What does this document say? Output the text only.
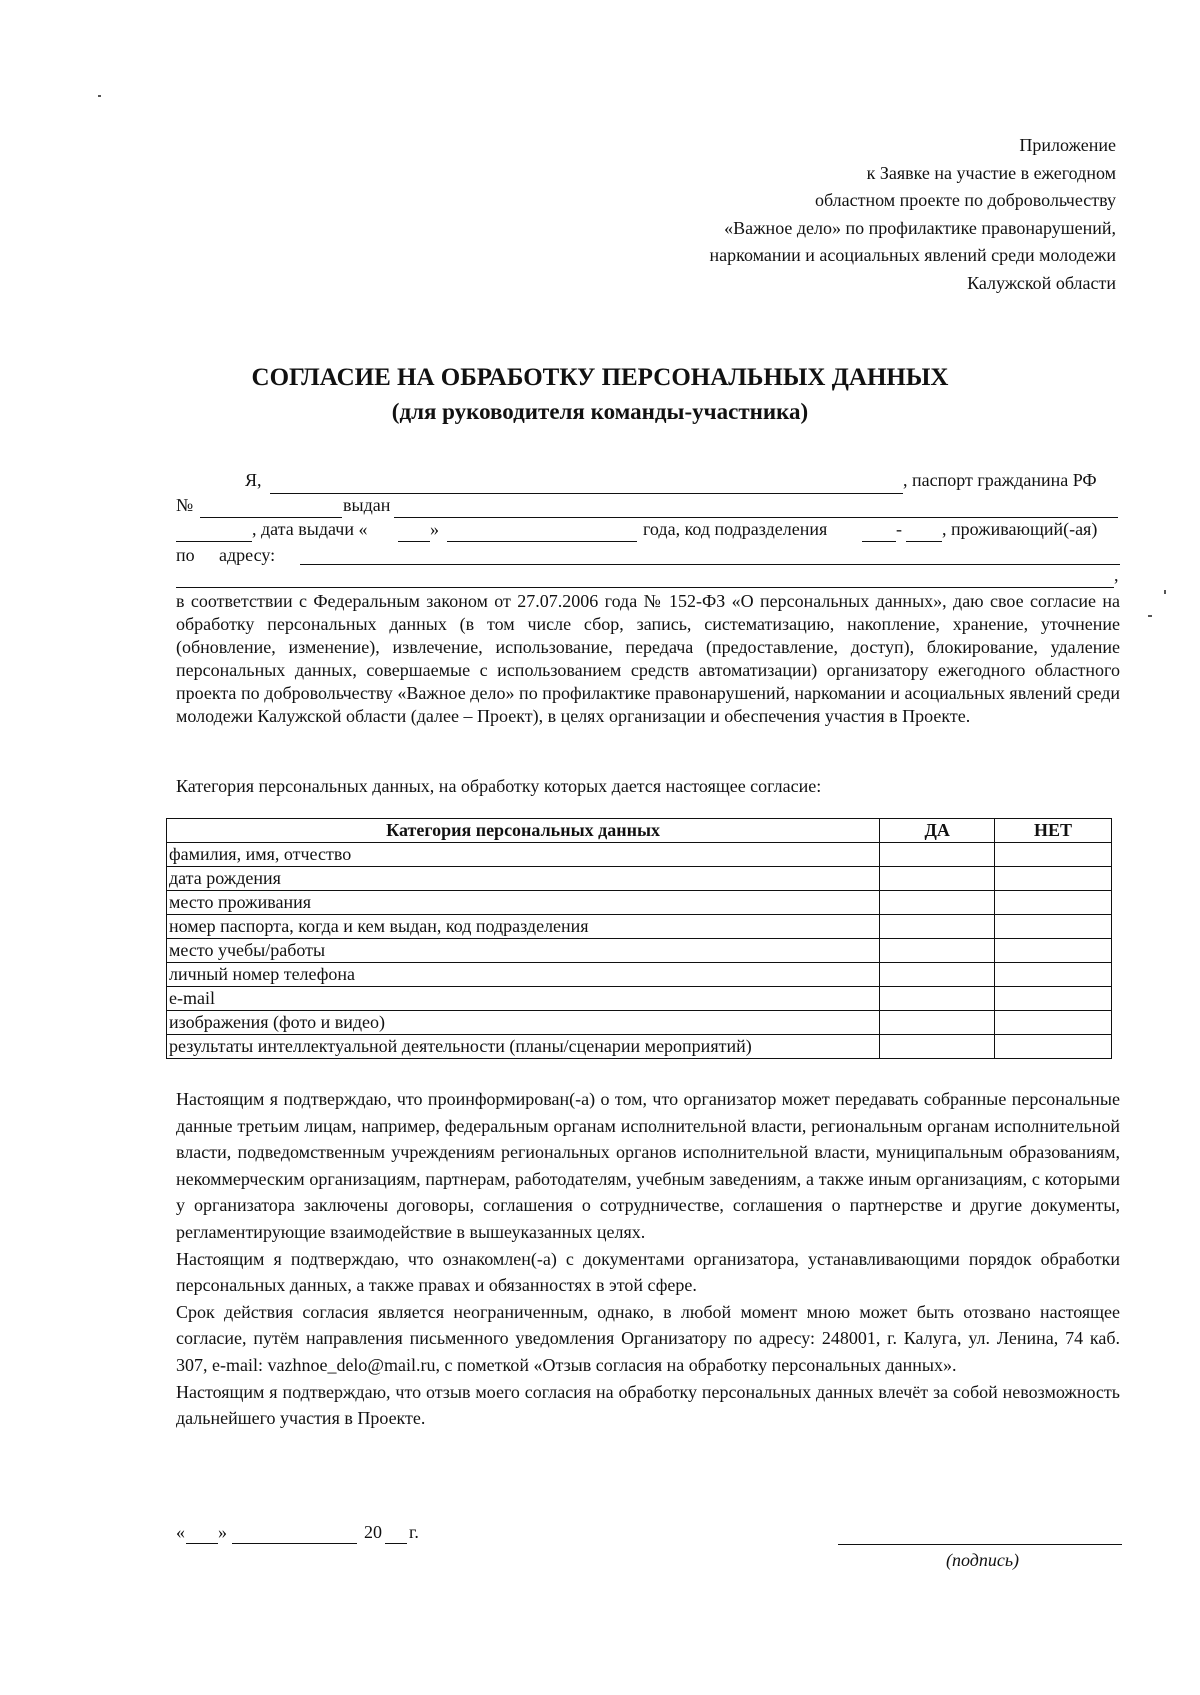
Приложение
к Заявке на участие в ежегодном
областном проекте по добровольчеству
«Важное дело» по профилактике правонарушений,
наркомании и асоциальных явлений среди молодежи
Калужской области
СОГЛАСИЕ НА ОБРАБОТКУ ПЕРСОНАЛЬНЫХ ДАННЫХ
(для руководителя команды-участника)
Я,	, паспорт гражданина РФ
№	выдан
, дата выдачи «	»	года, код подразделения	- , проживающий(-ая)
по адресу:
,
в соответствии с Федеральным законом от 27.07.2006 года № 152-ФЗ «О персональных данных», даю свое согласие на обработку персональных данных (в том числе сбор, запись, систематизацию, накопление, хранение, уточнение (обновление, изменение), извлечение, использование, передача (предоставление, доступ), блокирование, удаление персональных данных, совершаемые с использованием средств автоматизации) организатору ежегодного областного проекта по добровольчеству «Важное дело» по профилактике правонарушений, наркомании и асоциальных явлений среди молодежи Калужской области (далее – Проект), в целях организации и обеспечения участия в Проекте.
Категория персональных данных, на обработку которых дается настоящее согласие:
Категория персональных данных	ДА	НЕТ
фамилия, имя, отчество		
дата рождения		
место проживания		
номер паспорта, когда и кем выдан, код подразделения		
место учебы/работы		
личный номер телефона		
e-mail		
изображения (фото и видео)		
результаты интеллектуальной деятельности (планы/сценарии мероприятий)		
Настоящим я подтверждаю, что проинформирован(-а) о том, что организатор может передавать собранные персональные данные третьим лицам, например, федеральным органам исполнительной власти, региональным органам исполнительной власти, подведомственным учреждениям региональных органов исполнительной власти, муниципальным образованиям, некоммерческим организациям, партнерам, работодателям, учебным заведениям, а также иным организациям, с которыми у организатора заключены договоры, соглашения о сотрудничестве, соглашения о партнерстве и другие документы, регламентирующие взаимодействие в вышеуказанных целях.
Настоящим я подтверждаю, что ознакомлен(-а) с документами организатора, устанавливающими порядок обработки персональных данных, а также правах и обязанностях в этой сфере.
Срок действия согласия является неограниченным, однако, в любой момент мною может быть отозвано настоящее согласие, путём направления письменного уведомления Организатору по адресу: 248001, г. Калуга, ул. Ленина, 74 каб. 307, e-mail: vazhnoe_delo@mail.ru, с пометкой «Отзыв согласия на обработку персональных данных».
Настоящим я подтверждаю, что отзыв моего согласия на обработку персональных данных влечёт за собой невозможность дальнейшего участия в Проекте.
« »	20 г.
(подпись)
